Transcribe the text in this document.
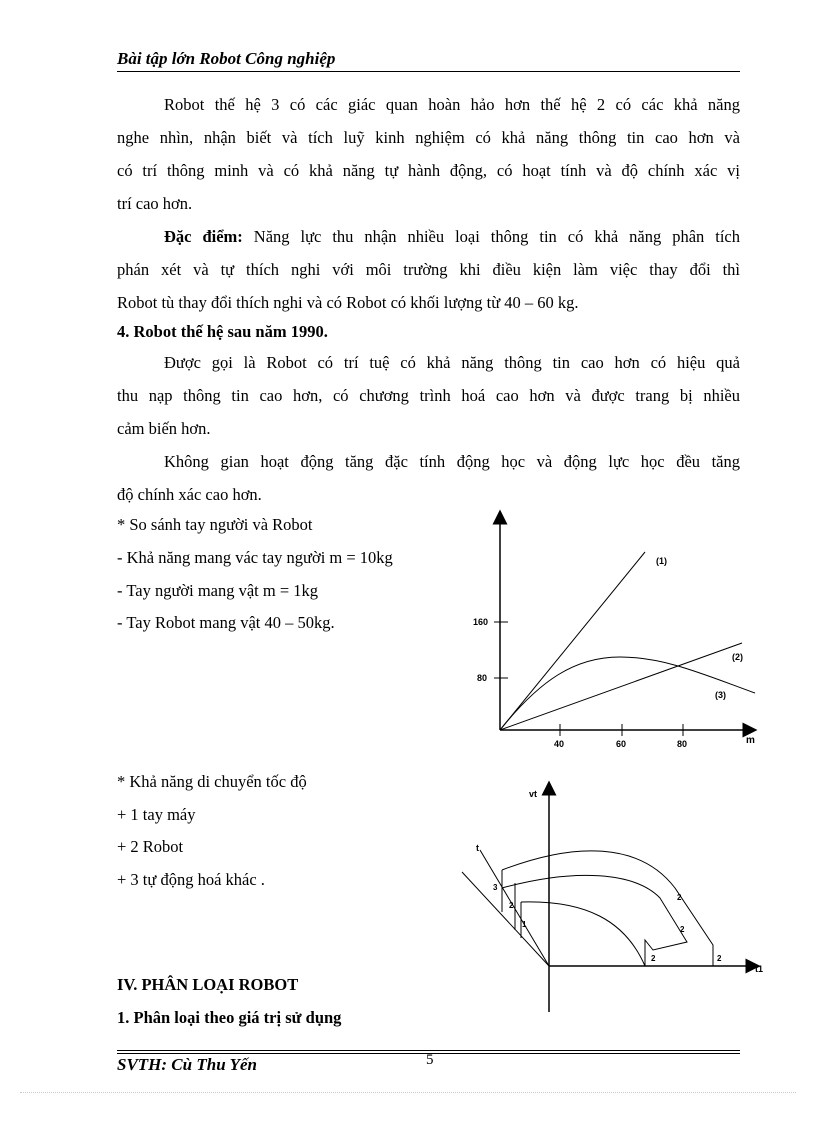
Bài tập lớn Robot Công nghiệp
Robot thế hệ 3 có các giác quan hoàn hảo hơn thế hệ 2 có các khả năng
nghe nhìn, nhận biết và tích luỹ kinh nghiệm có khả năng thông tin cao hơn và
có trí thông minh và có khả năng tự hành động, có hoạt tính và độ chính xác vị
trí cao hơn.
Đặc điểm: Năng lực thu nhận nhiều loại thông tin có khả năng phân tích
phán xét và tự thích nghi với môi trường khi điều kiện làm việc thay đổi thì
Robot tù thay đổi thích nghi và có Robot có khối lượng từ 40 – 60 kg.
4. Robot thế hệ sau năm 1990.
Được gọi là Robot có trí tuệ có khả năng thông tin cao hơn có hiệu quả
thu nạp thông tin cao hơn, có chương trình hoá cao hơn và được trang bị nhiều
cảm biến hơn.
Không gian hoạt động tăng đặc tính động học và động lực học đều tăng
độ chính xác cao hơn.
* So sánh tay người và Robot
- Khả năng mang vác tay người m = 10kg
- Tay người mang vật m = 1kg
- Tay Robot mang vật 40 – 50kg.	160
80
40	60	80	m
(1)
(2)
(3)
* Khả năng di chuyển tốc độ
+ 1 tay máy
+ 2 Robot
+ 3 tự động hoá khác .
vt
t1
t
3
2
1
2
2
2	2
IV. PHÂN LOẠI ROBOT
1. Phân loại theo giá trị sử dụng
SVTH: Cù Thu Yến	5
